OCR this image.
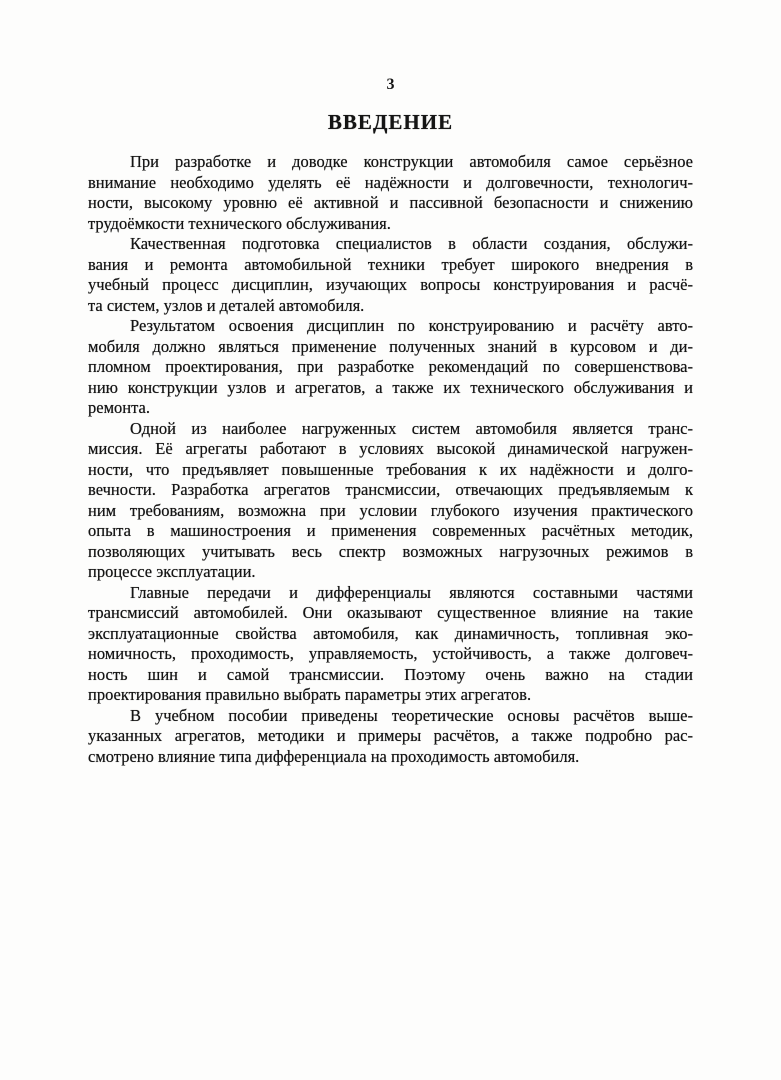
3
ВВЕДЕНИЕ
При разработке и доводке конструкции автомобиля самое серьёзное
внимание необходимо уделять её надёжности и долговечности, технологич-
ности, высокому уровню её активной и пассивной безопасности и снижению
трудоёмкости технического обслуживания.
Качественная подготовка специалистов в области создания, обслужи-
вания и ремонта автомобильной техники требует широкого внедрения в
учебный процесс дисциплин, изучающих вопросы конструирования и расчё-
та систем, узлов и деталей автомобиля.
Результатом освоения дисциплин по конструированию и расчёту авто-
мобиля должно являться применение полученных знаний в курсовом и ди-
пломном проектирования, при разработке рекомендаций по совершенствова-
нию конструкции узлов и агрегатов, а также их технического обслуживания и
ремонта.
Одной из наиболее нагруженных систем автомобиля является транс-
миссия. Её агрегаты работают в условиях высокой динамической нагружен-
ности, что предъявляет повышенные требования к их надёжности и долго-
вечности. Разработка агрегатов трансмиссии, отвечающих предъявляемым к
ним требованиям, возможна при условии глубокого изучения практического
опыта в машиностроения и применения современных расчётных методик,
позволяющих учитывать весь спектр возможных нагрузочных режимов в
процессе эксплуатации.
Главные передачи и дифференциалы являются составными частями
трансмиссий автомобилей. Они оказывают существенное влияние на такие
эксплуатационные свойства автомобиля, как динамичность, топливная эко-
номичность, проходимость, управляемость, устойчивость, а также долговеч-
ность шин и самой трансмиссии. Поэтому очень важно на стадии
проектирования правильно выбрать параметры этих агрегатов.
В учебном пособии приведены теоретические основы расчётов выше-
указанных агрегатов, методики и примеры расчётов, а также подробно рас-
смотрено влияние типа дифференциала на проходимость автомобиля.
